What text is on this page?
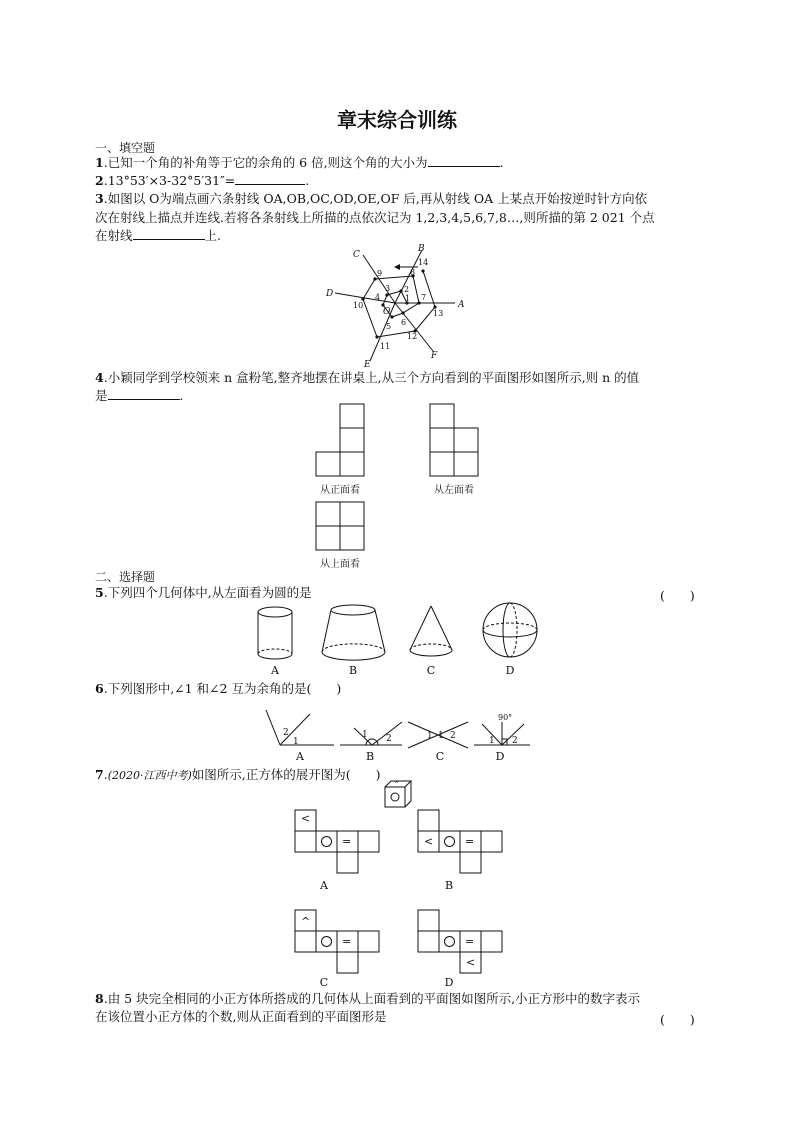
章末综合训练
一、填空题
1.已知一个角的补角等于它的余角的 6 倍,则这个角的大小为	.
2.13°53′×3-32°5′31″=	.
3.如图以 O为端点画六条射线 OA,OB,OC,OD,OE,OF 后,再从射线 OA 上某点开始按逆时针方向依
次在射线上描点并连线.若将各条射线上所描的点依次记为 1,2,3,4,5,6,7,8…,则所描的第 2 021 个点
在射线	上.
A
B
C
D
E
F
O
1
2
3
4
5 6
7
8
9
10
11
12
13
14
4.小颖同学到学校领来 n 盒粉笔,整齐地摆在讲桌上,从三个方向看到的平面图形如图所示,则 n 的值
是	.
从正面看	从左面看
从上面看
二、选择题
5.下列四个几何体中,从左面看为圆的是	(　　)
A	B	C	D
6.下列图形中,∠1 和∠2 互为余角的是(　　)
2
1
1 2	1 1 2	1 2
90°
A	B	C	D
7.(2020·江西中考)如图所示,正方体的展开图为(　　)
^
<
=
A
<	=
B
^
=
C
=
<
D
8.由 5 块完全相同的小正方体所搭成的几何体从上面看到的平面图如图所示,小正方形中的数字表示
在该位置小正方体的个数,则从正面看到的平面图形是	(　　)
